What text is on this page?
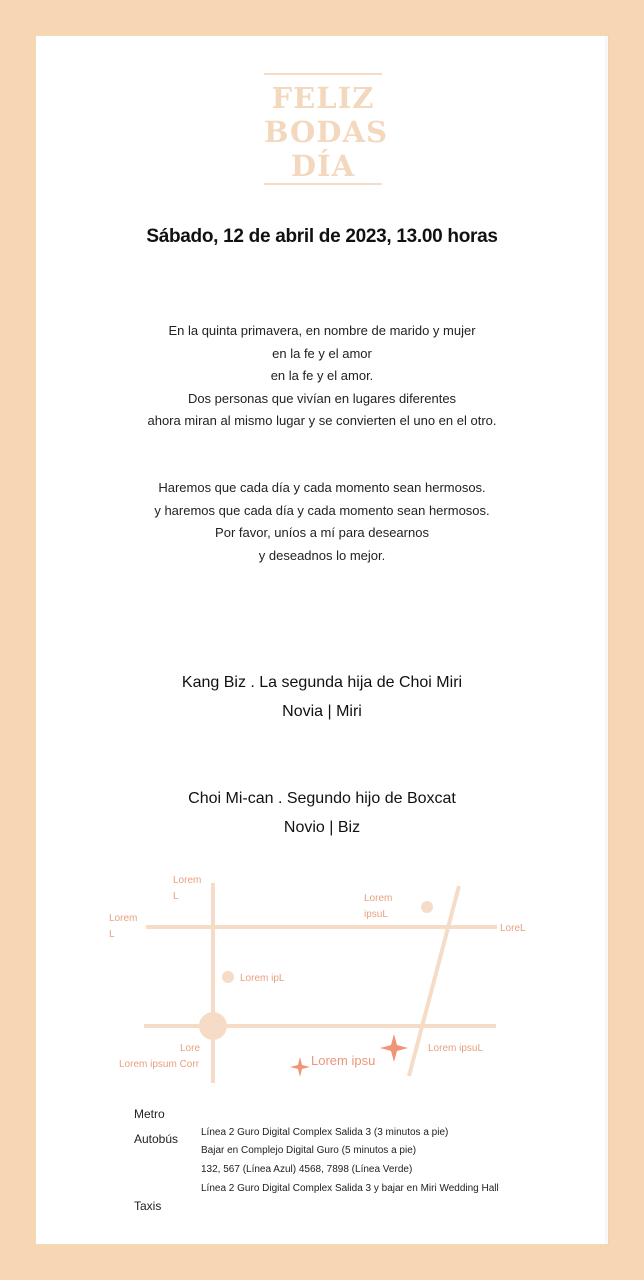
FELIZ
BODAS
DÍA
Sábado, 12 de abril de 2023, 13.00 horas
En la quinta primavera, en nombre de marido y mujer
en la fe y el amor
en la fe y el amor.
Dos personas que vivían en lugares diferentes
ahora miran al mismo lugar y se convierten el uno en el otro.
Haremos que cada día y cada momento sean hermosos.
y haremos que cada día y cada momento sean hermosos.
Por favor, uníos a mí para desearnos
y deseadnos lo mejor.
Kang Biz . La segunda hija de Choi Miri
Novia | Miri
Choi Mi-can . Segundo hijo de Boxcat
Novio | Biz
Lorem
L
Lorem
L
Lorem
ipsuL
LoreL
Lorem ipL
Lore
Lorem ipsum Corr	Lorem ipsu
Lorem ipsuL
Metro
Autobús
Taxis
Línea 2 Guro Digital Complex Salida 3 (3 minutos a pie)
Bajar en Complejo Digital Guro (5 minutos a pie)
132, 567 (Línea Azul) 4568, 7898 (Línea Verde)
Línea 2 Guro Digital Complex Salida 3 y bajar en Miri Wedding Hall
